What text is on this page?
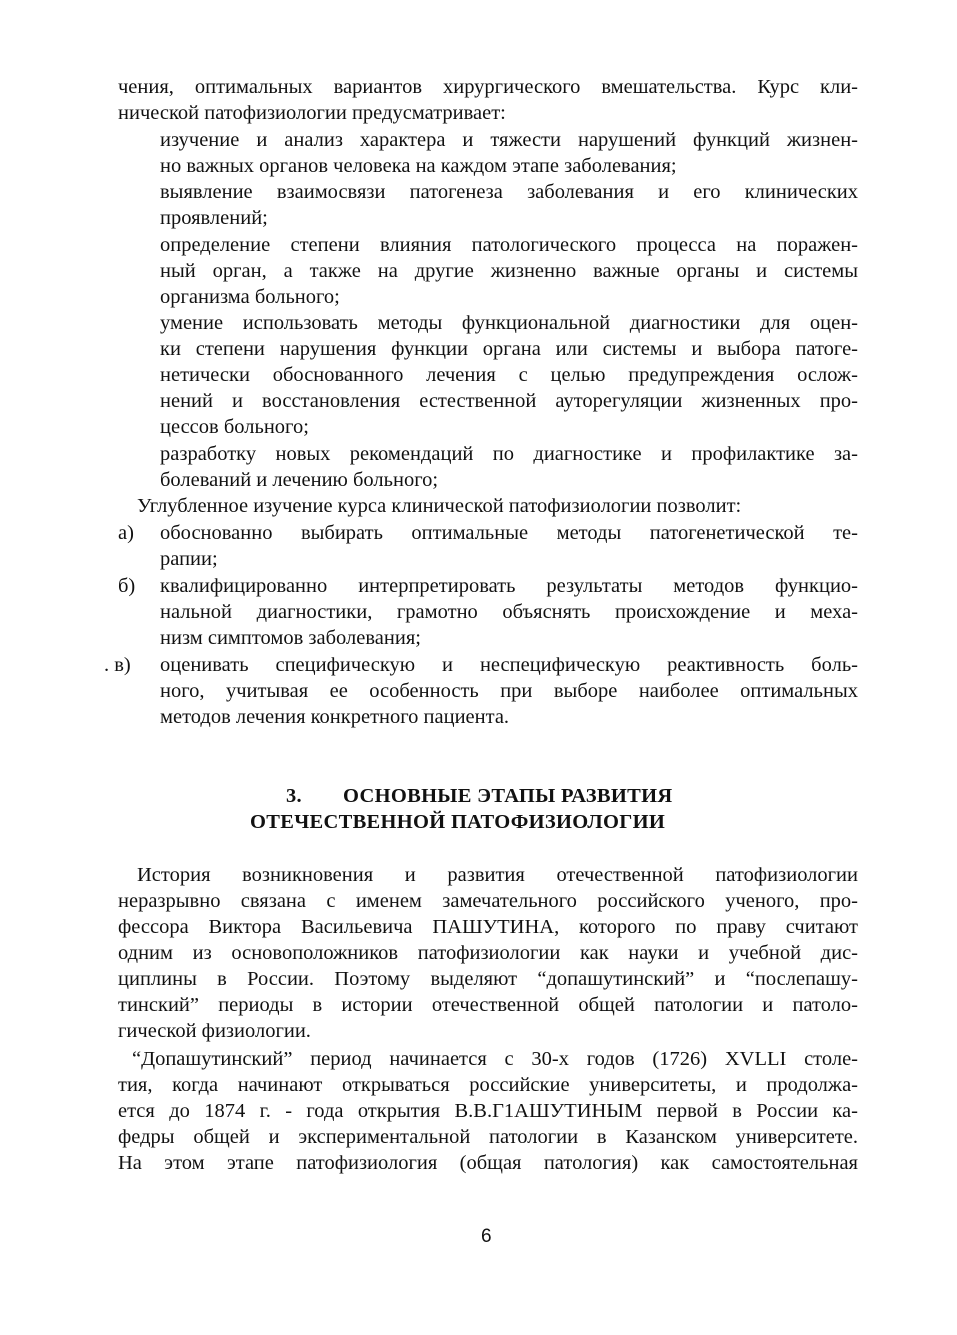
чения, оптимальных вариантов хирургического вмешательства. Курс кли-
нической патофизиологии предусматривает:
изучение и анализ характера и тяжести нарушений функций жизнен-
но важных органов человека на каждом этапе заболевания;
выявление взаимосвязи патогенеза заболевания и его клинических
проявлений;
определение степени влияния патологического процесса на поражен-
ный орган, а также на другие жизненно важные органы и системы
организма больного;
умение использовать методы функциональной диагностики для оцен-
ки степени нарушения функции органа или системы и выбора патоге-
нетически обоснованного лечения с целью предупреждения ослож-
нений и восстановления естественной ауторегуляции жизненных про-
цессов больного;
разработку новых рекомендаций по диагностике и профилактике за-
болеваний и лечению больного;
Углубленное изучение курса клинической патофизиологии позволит:
а) обоснованно выбирать оптимальные методы патогенетической те-
рапии;
б) квалифицированно интерпретировать результаты методов функцио-
нальной диагностики, грамотно объяснять происхождение и меха-
низм симптомов заболевания;
. в) оценивать специфическую и неспецифическую реактивность боль-
ного, учитывая ее особенность при выборе наиболее оптимальных
методов лечения конкретного пациента.
3. ОСНОВНЫЕ ЭТАПЫ РАЗВИТИЯ
ОТЕЧЕСТВЕННОЙ ПАТОФИЗИОЛОГИИ
История возникновения и развития отечественной патофизиологии
неразрывно связана с именем замечательного российского ученого, про-
фессора Виктора Васильевича ПАШУТИНА, которого по праву считают
одним из основоположников патофизиологии как науки и учебной дис-
циплины в России. Поэтому выделяют “допашутинский” и “послепашу-
тинский” периоды в истории отечественной общей патологии и патоло-
гической физиологии.
“Допашутинский” период начинается с 30-х годов (1726) XVLLI столе-
тия, когда начинают открываться российские университеты, и продолжа-
ется до 1874 г. - года открытия В.В.Г1АШУТИНЫМ первой в России ка-
федры общей и экспериментальной патологии в Казанском университете.
На этом этапе патофизиология (общая патология) как самостоятельная
6
